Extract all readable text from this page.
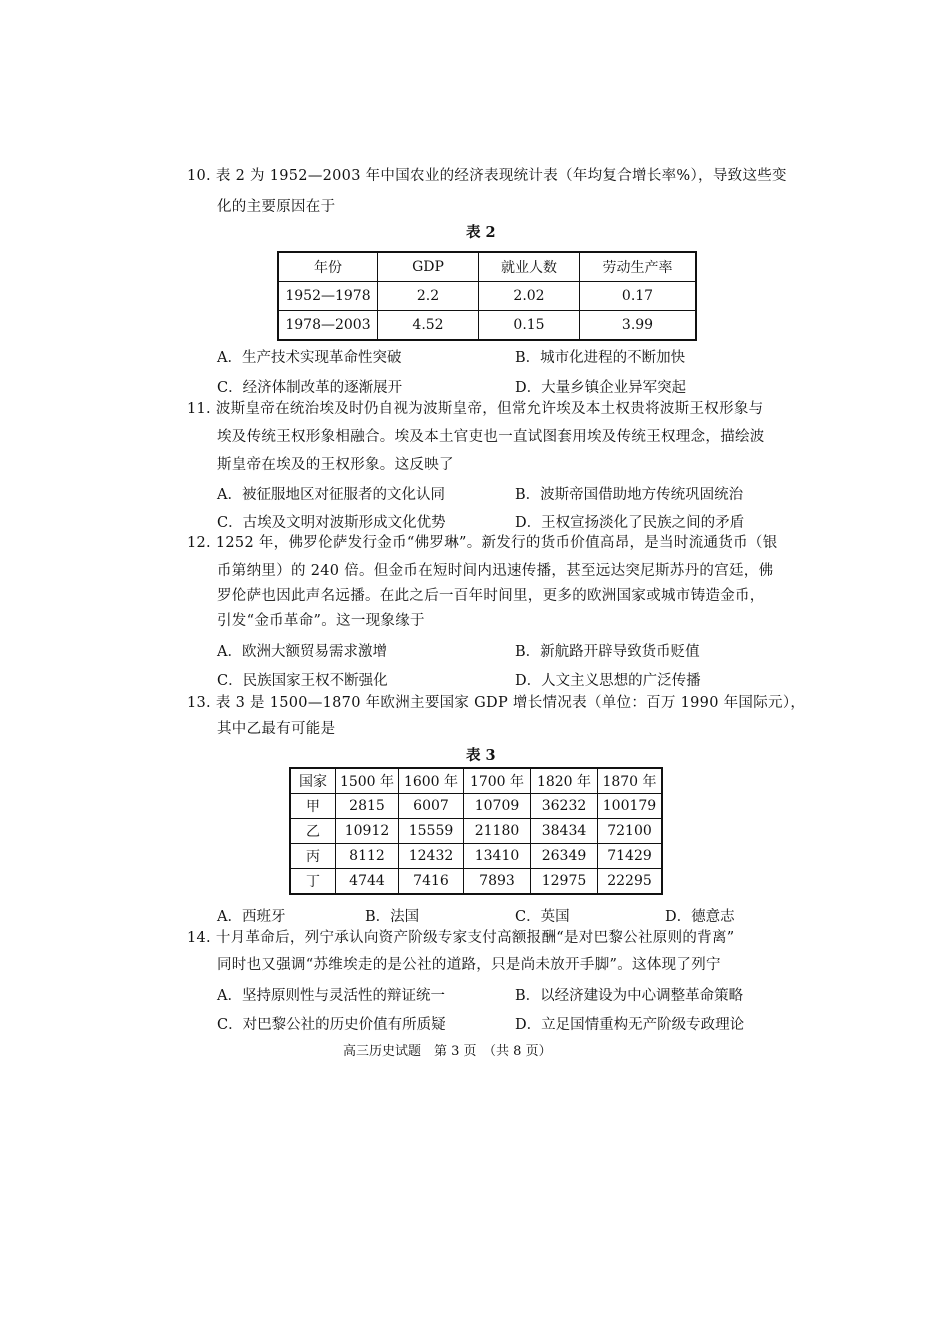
10. 表 2 为 1952—2003 年中国农业的经济表现统计表（年均复合增长率%），导致这些变
化的主要原因在于
表 2
年份	GDP	就业人数	劳动生产率
1952—1978	2.2	2.02	0.17
1978—2003	4.52	0.15	3.99
A．生产技术实现革命性突破	B．城市化进程的不断加快
C．经济体制改革的逐渐展开	D．大量乡镇企业异军突起
11. 波斯皇帝在统治埃及时仍自视为波斯皇帝，但常允许埃及本土权贵将波斯王权形象与
埃及传统王权形象相融合。埃及本土官吏也一直试图套用埃及传统王权理念，描绘波
斯皇帝在埃及的王权形象。这反映了
A．被征服地区对征服者的文化认同	B．波斯帝国借助地方传统巩固统治
C．古埃及文明对波斯形成文化优势	D．王权宣扬淡化了民族之间的矛盾
12. 1252 年，佛罗伦萨发行金币“佛罗琳”。新发行的货币价值高昂，是当时流通货币（银
币第纳里）的 240 倍。但金币在短时间内迅速传播，甚至远达突尼斯苏丹的宫廷，佛
罗伦萨也因此声名远播。在此之后一百年时间里，更多的欧洲国家或城市铸造金币，
引发“金币革命”。这一现象缘于
A．欧洲大额贸易需求激增	B．新航路开辟导致货币贬值
C．民族国家王权不断强化	D．人文主义思想的广泛传播
13. 表 3 是 1500—1870 年欧洲主要国家 GDP 增长情况表（单位：百万 1990 年国际元），
其中乙最有可能是
表 3
国家	1500 年	1600 年	1700 年	1820 年	1870 年
甲	2815	6007	10709	36232	100179
乙	10912	15559	21180	38434	72100
丙	8112	12432	13410	26349	71429
丁	4744	7416	7893	12975	22295
A．西班牙	B．法国	C．英国	D．德意志
14. 十月革命后，列宁承认向资产阶级专家支付高额报酬“是对巴黎公社原则的背离”
同时也又强调“苏维埃走的是公社的道路，只是尚未放开手脚”。这体现了列宁
A．坚持原则性与灵活性的辩证统一	B．以经济建设为中心调整革命策略
C．对巴黎公社的历史价值有所质疑	D．立足国情重构无产阶级专政理论
高三历史试题　第 3 页　（共 8 页）
